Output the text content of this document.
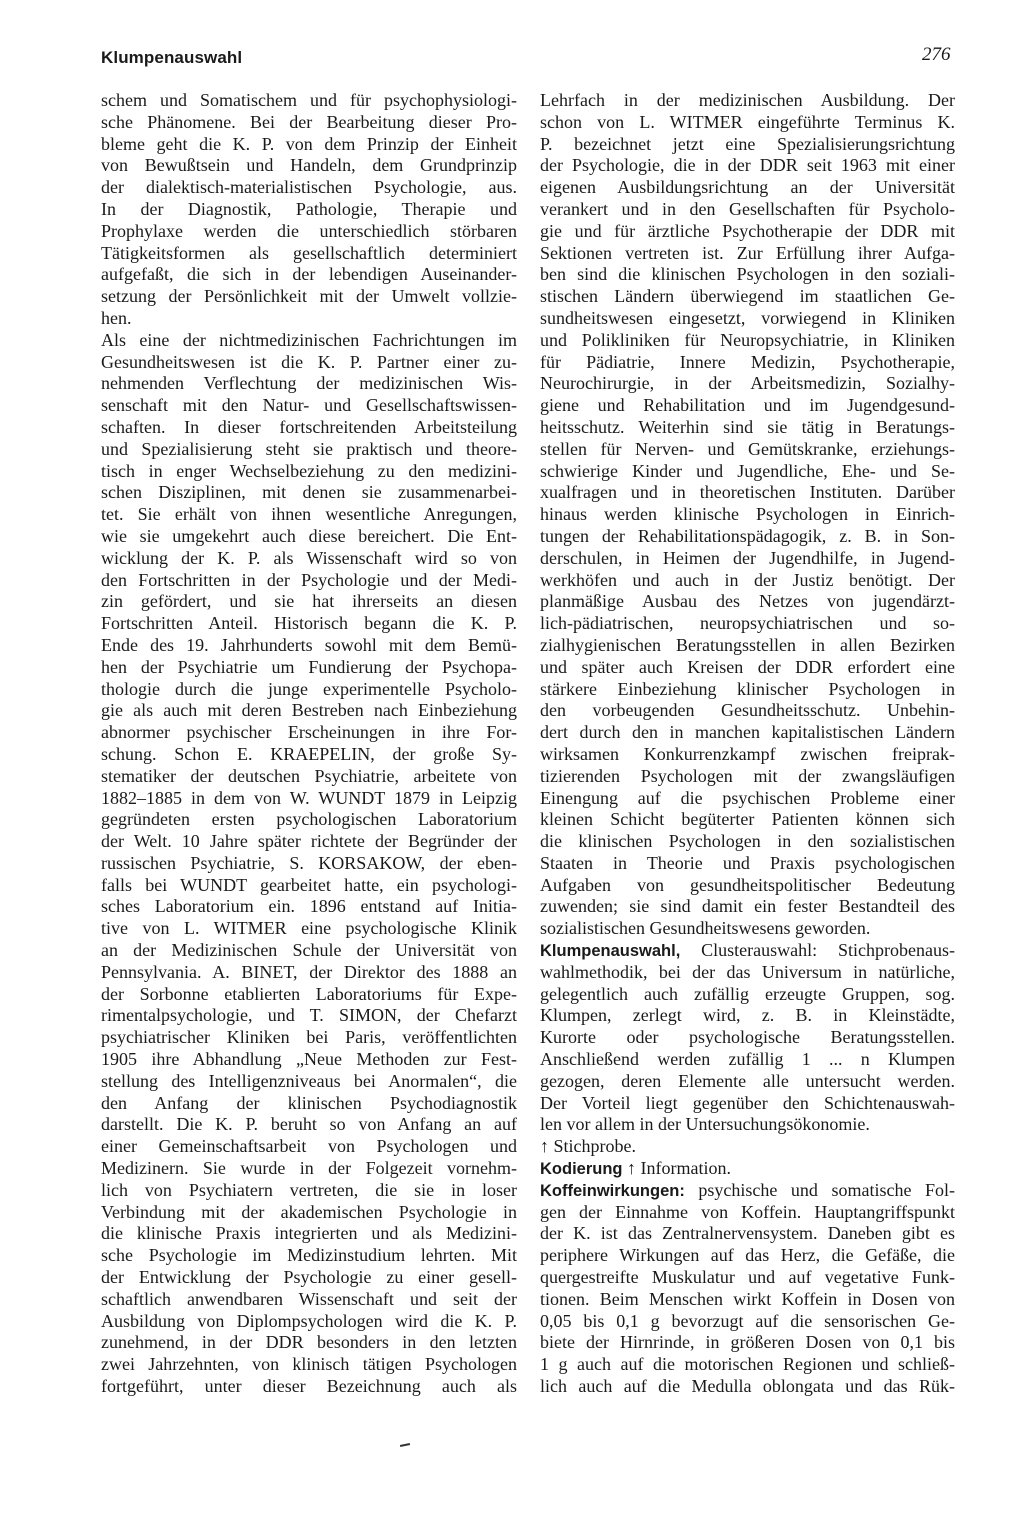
Klumpenauswahl	276
schem und Somatischem und für psychophysiologi-
sche Phänomene. Bei der Bearbeitung dieser Pro-
bleme geht die K. P. von dem Prinzip der Einheit
von Bewußtsein und Handeln, dem Grundprinzip
der dialektisch-materialistischen Psychologie, aus.
In der Diagnostik, Pathologie, Therapie und
Prophylaxe werden die unterschiedlich störbaren
Tätigkeitsformen als gesellschaftlich determiniert
aufgefaßt, die sich in der lebendigen Auseinander-
setzung der Persönlichkeit mit der Umwelt vollzie-
hen.
Als eine der nichtmedizinischen Fachrichtungen im
Gesundheitswesen ist die K. P. Partner einer zu-
nehmenden Verflechtung der medizinischen Wis-
senschaft mit den Natur- und Gesellschaftswissen-
schaften. In dieser fortschreitenden Arbeitsteilung
und Spezialisierung steht sie praktisch und theore-
tisch in enger Wechselbeziehung zu den medizini-
schen Disziplinen, mit denen sie zusammenarbei-
tet. Sie erhält von ihnen wesentliche Anregungen,
wie sie umgekehrt auch diese bereichert. Die Ent-
wicklung der K. P. als Wissenschaft wird so von
den Fortschritten in der Psychologie und der Medi-
zin gefördert, und sie hat ihrerseits an diesen
Fortschritten Anteil. Historisch begann die K. P.
Ende des 19. Jahrhunderts sowohl mit dem Bemü-
hen der Psychiatrie um Fundierung der Psychopa-
thologie durch die junge experimentelle Psycholo-
gie als auch mit deren Bestreben nach Einbeziehung
abnormer psychischer Erscheinungen in ihre For-
schung. Schon E. KRAEPELIN, der große Sy-
stematiker der deutschen Psychiatrie, arbeitete von
1882–1885 in dem von W. WUNDT 1879 in Leipzig
gegründeten ersten psychologischen Laboratorium
der Welt. 10 Jahre später richtete der Begründer der
russischen Psychiatrie, S. KORSAKOW, der eben-
falls bei WUNDT gearbeitet hatte, ein psychologi-
sches Laboratorium ein. 1896 entstand auf Initia-
tive von L. WITMER eine psychologische Klinik
an der Medizinischen Schule der Universität von
Pennsylvania. A. BINET, der Direktor des 1888 an
der Sorbonne etablierten Laboratoriums für Expe-
rimentalpsychologie, und T. SIMON, der Chefarzt
psychiatrischer Kliniken bei Paris, veröffentlichten
1905 ihre Abhandlung „Neue Methoden zur Fest-
stellung des Intelligenzniveaus bei Anormalen“, die
den Anfang der klinischen Psychodiagnostik
darstellt. Die K. P. beruht so von Anfang an auf
einer Gemeinschaftsarbeit von Psychologen und
Medizinern. Sie wurde in der Folgezeit vornehm-
lich von Psychiatern vertreten, die sie in loser
Verbindung mit der akademischen Psychologie in
die klinische Praxis integrierten und als Medizini-
sche Psychologie im Medizinstudium lehrten. Mit
der Entwicklung der Psychologie zu einer gesell-
schaftlich anwendbaren Wissenschaft und seit der
Ausbildung von Diplompsychologen wird die K. P.
zunehmend, in der DDR besonders in den letzten
zwei Jahrzehnten, von klinisch tätigen Psychologen
fortgeführt, unter dieser Bezeichnung auch als
Lehrfach in der medizinischen Ausbildung. Der
schon von L. WITMER eingeführte Terminus K.
P. bezeichnet jetzt eine Spezialisierungsrichtung
der Psychologie, die in der DDR seit 1963 mit einer
eigenen Ausbildungsrichtung an der Universität
verankert und in den Gesellschaften für Psycholo-
gie und für ärztliche Psychotherapie der DDR mit
Sektionen vertreten ist. Zur Erfüllung ihrer Aufga-
ben sind die klinischen Psychologen in den soziali-
stischen Ländern überwiegend im staatlichen Ge-
sundheitswesen eingesetzt, vorwiegend in Kliniken
und Polikliniken für Neuropsychiatrie, in Kliniken
für Pädiatrie, Innere Medizin, Psychotherapie,
Neurochirurgie, in der Arbeitsmedizin, Sozialhy-
giene und Rehabilitation und im Jugendgesund-
heitsschutz. Weiterhin sind sie tätig in Beratungs-
stellen für Nerven- und Gemütskranke, erziehungs-
schwierige Kinder und Jugendliche, Ehe- und Se-
xualfragen und in theoretischen Instituten. Darüber
hinaus werden klinische Psychologen in Einrich-
tungen der Rehabilitationspädagogik, z. B. in Son-
derschulen, in Heimen der Jugendhilfe, in Jugend-
werkhöfen und auch in der Justiz benötigt. Der
planmäßige Ausbau des Netzes von jugendärzt-
lich-pädiatrischen, neuropsychiatrischen und so-
zialhygienischen Beratungsstellen in allen Bezirken
und später auch Kreisen der DDR erfordert eine
stärkere Einbeziehung klinischer Psychologen in
den vorbeugenden Gesundheitsschutz. Unbehin-
dert durch den in manchen kapitalistischen Ländern
wirksamen Konkurrenzkampf zwischen freiprak-
tizierenden Psychologen mit der zwangsläufigen
Einengung auf die psychischen Probleme einer
kleinen Schicht begüterter Patienten können sich
die klinischen Psychologen in den sozialistischen
Staaten in Theorie und Praxis psychologischen
Aufgaben von gesundheitspolitischer Bedeutung
zuwenden; sie sind damit ein fester Bestandteil des
sozialistischen Gesundheitswesens geworden.
Klumpenauswahl, Clusterauswahl: Stichprobenaus-
wahlmethodik, bei der das Universum in natürliche,
gelegentlich auch zufällig erzeugte Gruppen, sog.
Klumpen, zerlegt wird, z. B. in Kleinstädte,
Kurorte oder psychologische Beratungsstellen.
Anschließend werden zufällig 1 ... n Klumpen
gezogen, deren Elemente alle untersucht werden.
Der Vorteil liegt gegenüber den Schichtenauswah-
len vor allem in der Untersuchungsökonomie.
↑ Stichprobe.
Kodierung ↑ Information.
Koffeinwirkungen: psychische und somatische Fol-
gen der Einnahme von Koffein. Hauptangriffspunkt
der K. ist das Zentralnervensystem. Daneben gibt es
periphere Wirkungen auf das Herz, die Gefäße, die
quergestreifte Muskulatur und auf vegetative Funk-
tionen. Beim Menschen wirkt Koffein in Dosen von
0,05 bis 0,1 g bevorzugt auf die sensorischen Ge-
biete der Hirnrinde, in größeren Dosen von 0,1 bis
1 g auch auf die motorischen Regionen und schließ-
lich auch auf die Medulla oblongata und das Rük-
